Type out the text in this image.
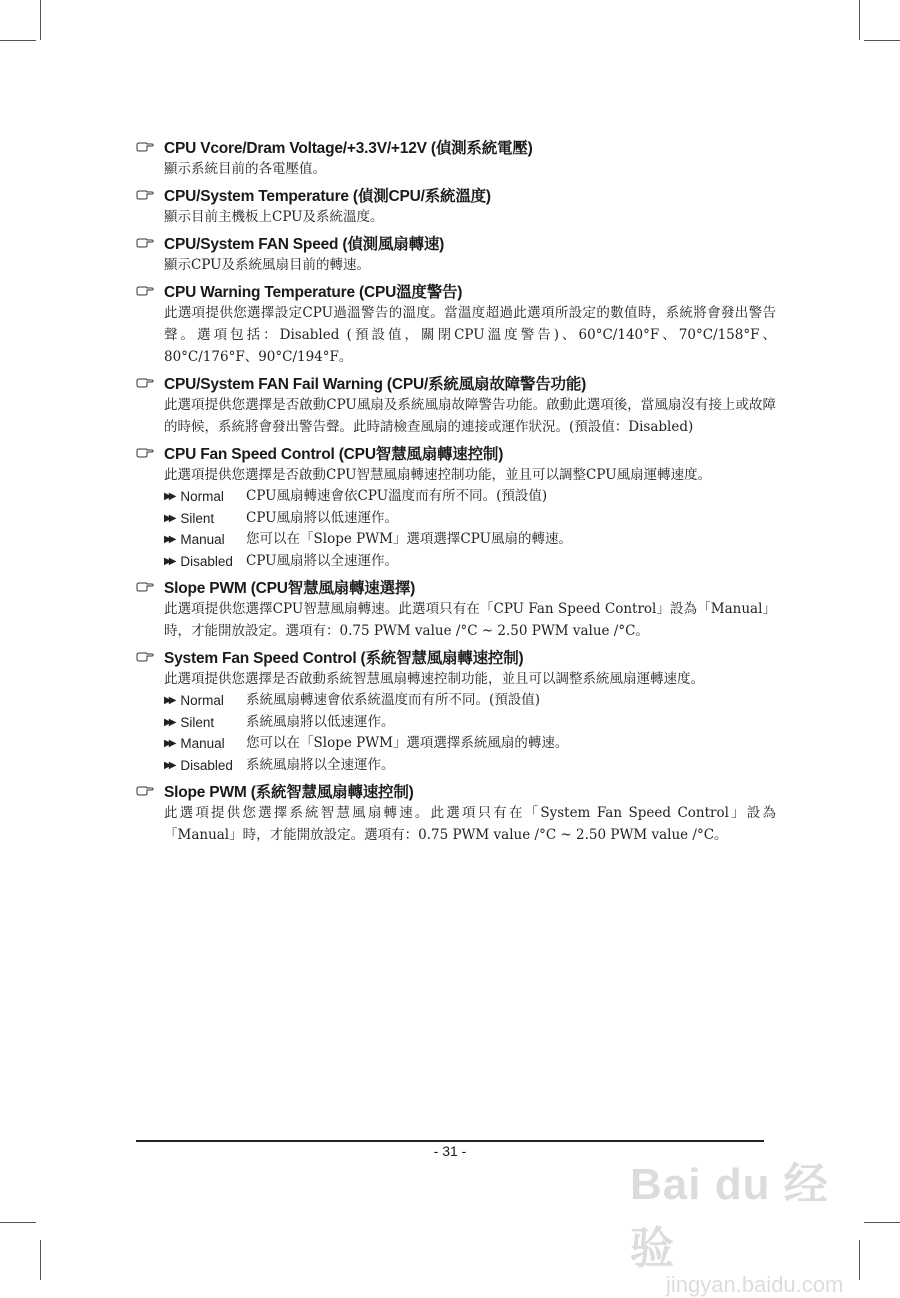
CPU Vcore/Dram Voltage/+3.3V/+12V (偵測系統電壓)
顯示系統目前的各電壓值。
CPU/System Temperature (偵測CPU/系統溫度)
顯示目前主機板上CPU及系統溫度。
CPU/System FAN Speed (偵測風扇轉速)
顯示CPU及系統風扇目前的轉速。
CPU Warning Temperature (CPU溫度警告)
此選項提供您選擇設定CPU過溫警告的溫度。當溫度超過此選項所設定的數值時，系統將會發出警告聲。選項包括：Disabled (預設值，關閉CPU溫度警告)、60°C/140°F、70°C/158°F、80°C/176°F、90°C/194°F。
CPU/System FAN Fail Warning (CPU/系統風扇故障警告功能)
此選項提供您選擇是否啟動CPU風扇及系統風扇故障警告功能。啟動此選項後，當風扇沒有接上或故障的時候，系統將會發出警告聲。此時請檢查風扇的連接或運作狀況。(預設值：Disabled)
CPU Fan Speed Control (CPU智慧風扇轉速控制)
此選項提供您選擇是否啟動CPU智慧風扇轉速控制功能，並且可以調整CPU風扇運轉速度。
▶▶ Normal CPU風扇轉速會依CPU溫度而有所不同。(預設值)
▶▶ Silent CPU風扇將以低速運作。
▶▶ Manual 您可以在「Slope PWM」選項選擇CPU風扇的轉速。
▶▶ Disabled CPU風扇將以全速運作。
Slope PWM (CPU智慧風扇轉速選擇)
此選項提供您選擇CPU智慧風扇轉速。此選項只有在「CPU Fan Speed Control」設為「Manual」時，才能開放設定。選項有：0.75 PWM value /°C ~ 2.50 PWM value /°C。
System Fan Speed Control (系統智慧風扇轉速控制)
此選項提供您選擇是否啟動系統智慧風扇轉速控制功能，並且可以調整系統風扇運轉速度。
▶▶ Normal 系統風扇轉速會依系統溫度而有所不同。(預設值)
▶▶ Silent 系統風扇將以低速運作。
▶▶ Manual 您可以在「Slope PWM」選項選擇系統風扇的轉速。
▶▶ Disabled 系統風扇將以全速運作。
Slope PWM (系統智慧風扇轉速控制)
此選項提供您選擇系統智慧風扇轉速。此選項只有在「System Fan Speed Control」設為「Manual」時，才能開放設定。選項有：0.75 PWM value /°C ~ 2.50 PWM value /°C。
- 31 -
Bai du 经验
jingyan.baidu.com
